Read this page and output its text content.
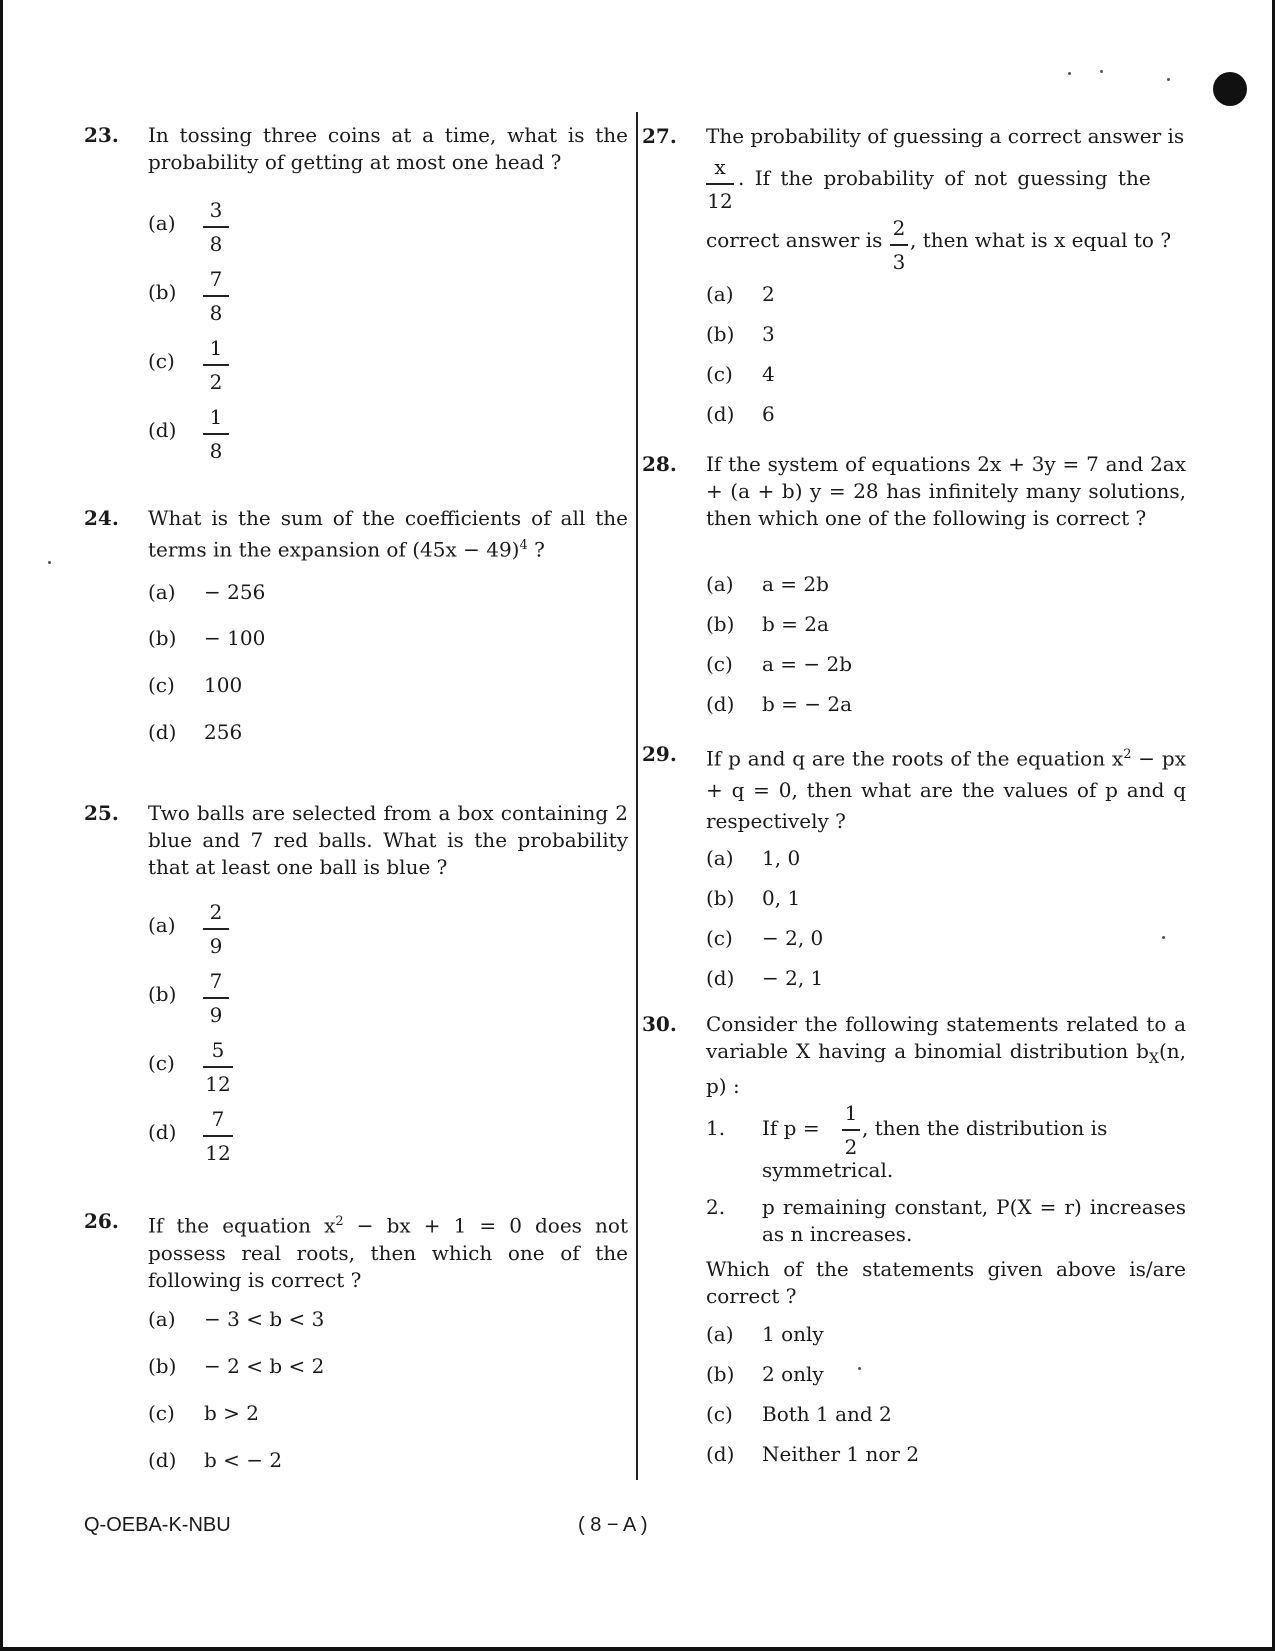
23. In tossing three coins at a time, what is the probability of getting at most one head ?
(a)
3
8
(b)
7
8
(c)
1
2
(d)
1
8
24. What is the sum of the coefficients of all the terms in the expansion of $(45x - 49)^4$ ?
(a) − 256
(b) − 100
(c) 100
(d) 256
25. Two balls are selected from a box containing 2 blue and 7 red balls. What is the probability that at least one ball is blue ?
(a)
2
9
(b)
7
9
(c)
5
12
(d)
7
12
26. If the equation $x^2$ − bx + 1 = 0 does not possess real roots, then which one of the following is correct ?
(a) − 3 < b < 3
(b) − 2 < b < 2
(c) b > 2
(d) b < − 2
27. The probability of guessing a correct answer is
x
12
. If the probability of not guessing the
correct answer is 2
3
, then what is x equal to ?
(a) 2
(b) 3
(c) 4
(d) 6
28. If the system of equations 2x + 3y = 7 and 2ax + (a + b) y = 28 has infinitely many solutions, then which one of the following is correct ?
(a) a = 2b
(b) b = 2a
(c) a = − 2b
(d) b = − 2a
29. If p and q are the roots of the equation $x^2$ − px + q = 0, then what are the values of p and q respectively ?
(a) 1, 0
(b) 0, 1
(c) − 2, 0
(d) − 2, 1
30. Consider the following statements related to a variable X having a binomial distribution $b_X(n$, p) :
1. If p =
1
2
, then the distribution is
symmetrical.
2. p remaining constant, P(X = r) increases as n increases.
Which of the statements given above is/are correct ?
(a) 1 only
(b) 2 only
(c) Both 1 and 2
(d) Neither 1 nor 2
Q-OEBA-K-NBU	( 8 − A )
